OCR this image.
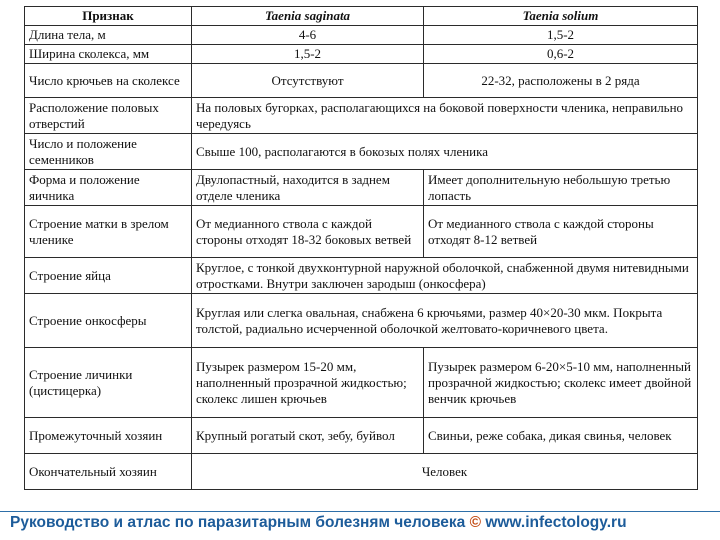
Признак	Taenia saginata	Taenia solium
Длина тела, м	4-6	1,5-2
Ширина сколекса, мм	1,5-2	0,6-2
Число крючьев на сколексе	Отсутствуют	22-32, расположены в 2 ряда
Расположение половых отверстий	На половых бугорках, располагающихся на боковой поверхности членика, неправильно чередуясь	
Число и положение семенников	Свыше 100, располагаются в бокозых полях членика	
Форма и положение яичника	Двулопастный, находится в заднем отделе членика	Имеет дополнительную небольшую третью лопасть
Строение матки в зрелом членике	От медианного ствола с каждой стороны отходят 18-32 боковых ветвей	От медианного ствола с каждой стороны отходят 8-12 ветвей
Строение яйца	Круглое, с тонкой двухконтурной наружной оболочкой, снабженной двумя нитевидными отростками. Внутри заключен зародыш (онкосфера)	
Строение онкосферы	Круглая или слегка овальная, снабжена 6 крючьями, размер 40×20-30 мкм. Покрыта толстой, радиально исчерченной оболочкой желтовато-коричневого цвета.	
Строение личинки (цистицерка)	Пузырек размером 15-20 мм, наполненный прозрачной жидкостью; сколекс лишен крючьев	Пузырек размером 6-20×5-10 мм, наполненный прозрачной жидкостью; сколекс имеет двойной венчик крючьев
Промежуточный хозяин	Крупный рогатый скот, зебу, буйвол	Свиньи, реже собака, дикая свинья, человек
Окончательный хозяин	Человек	
Руководство и атлас по паразитарным болезням человека © www.infectology.ru
